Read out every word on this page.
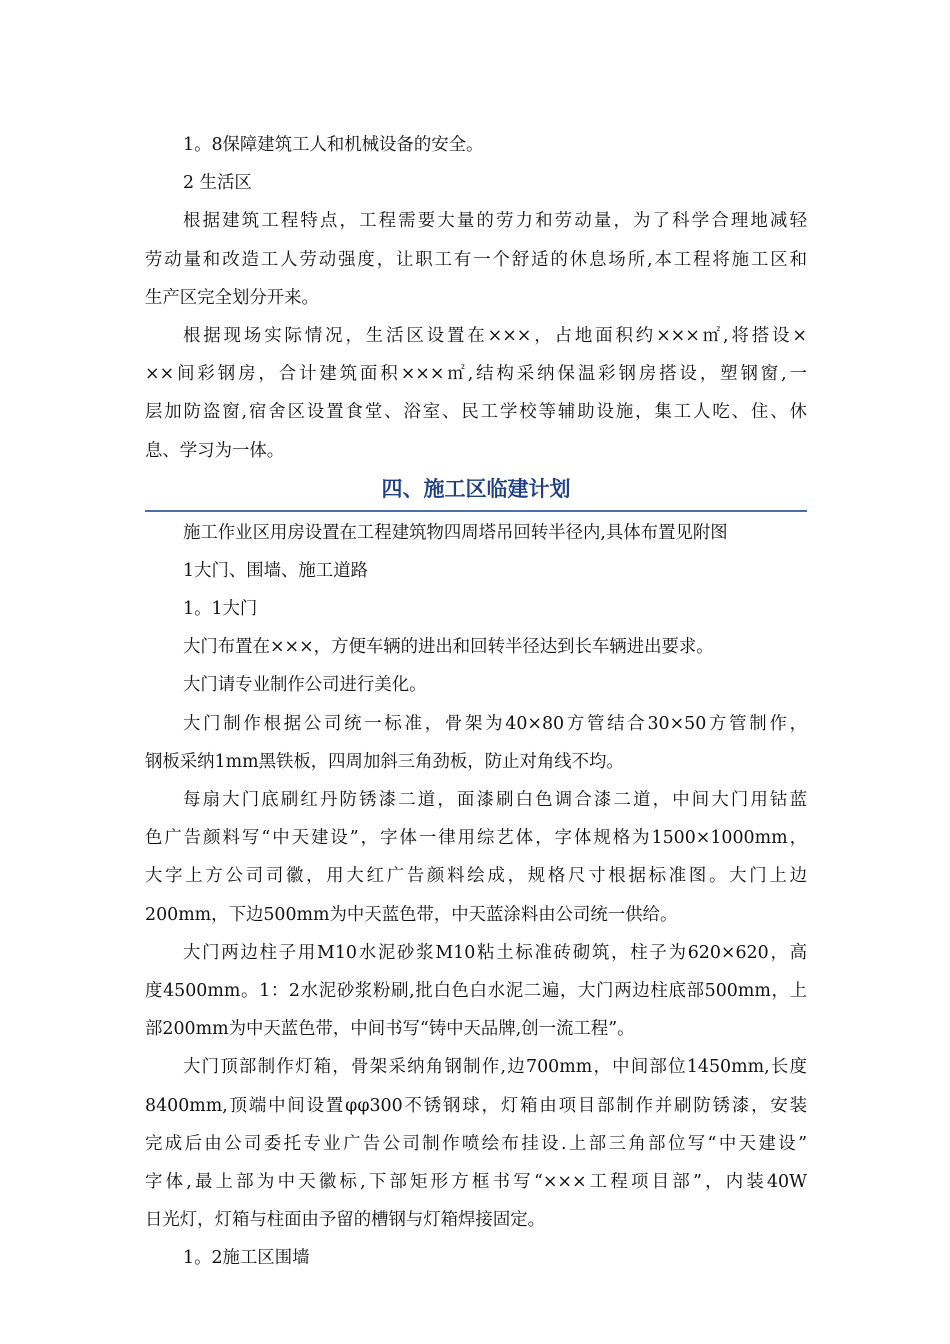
1。8保障建筑工人和机械设备的安全。
2 生活区
根据建筑工程特点，工程需要大量的劳力和劳动量，为了科学合理地减轻
劳动量和改造工人劳动强度，让职工有一个舒适的休息场所,本工程将施工区和
生产区完全划分开来。
根据现场实际情况，生活区设置在×××，占地面积约×××㎡,将搭设×
××间彩钢房，合计建筑面积×××㎡,结构采纳保温彩钢房搭设，塑钢窗,一
层加防盗窗,宿舍区设置食堂、浴室、民工学校等辅助设施，集工人吃、住、休
息、学习为一体。
四、施工区临建计划
施工作业区用房设置在工程建筑物四周塔吊回转半径内,具体布置见附图
1大门、围墙、施工道路
1。1大门
大门布置在×××，方便车辆的进出和回转半径达到长车辆进出要求。
大门请专业制作公司进行美化。
大门制作根据公司统一标准，骨架为40×80方管结合30×50方管制作，
钢板采纳1mm黑铁板，四周加斜三角劲板，防止对角线不均。
每扇大门底刷红丹防锈漆二道，面漆刷白色调合漆二道，中间大门用钴蓝
色广告颜料写“中天建设”，字体一律用综艺体，字体规格为1500×1000mm，
大字上方公司司徽，用大红广告颜料绘成，规格尺寸根据标准图。大门上边
200mm，下边500mm为中天蓝色带，中天蓝涂料由公司统一供给。
大门两边柱子用M10水泥砂浆M10粘土标准砖砌筑，柱子为620×620，高
度4500mm。1：2水泥砂浆粉刷,批白色白水泥二遍，大门两边柱底部500mm，上
部200mm为中天蓝色带，中间书写“铸中天品牌,创一流工程”。
大门顶部制作灯箱，骨架采纳角钢制作,边700mm，中间部位1450mm,长度
8400mm,顶端中间设置φφ300不锈钢球，灯箱由项目部制作并刷防锈漆，安装
完成后由公司委托专业广告公司制作喷绘布挂设.上部三角部位写“中天建设”
字体,最上部为中天徽标,下部矩形方框书写“×××工程项目部”，内装40W
日光灯，灯箱与柱面由予留的槽钢与灯箱焊接固定。
1。2施工区围墙
